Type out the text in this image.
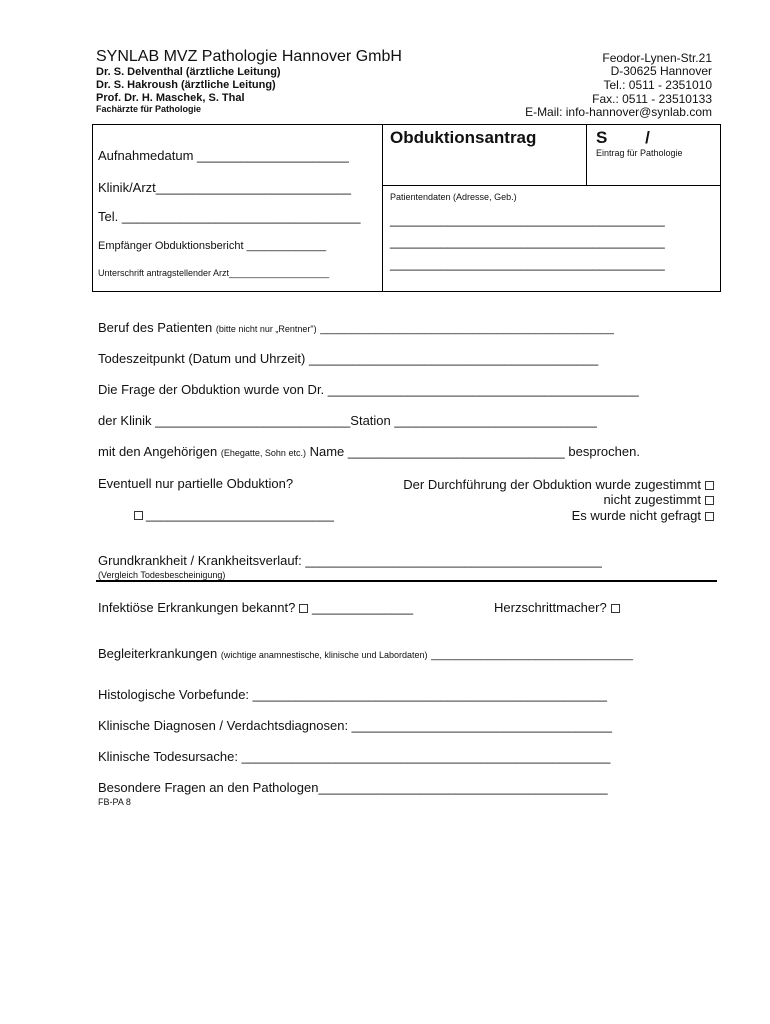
SYNLAB MVZ Pathologie Hannover GmbH
Dr. S. Delventhal (ärztliche Leitung)
Dr. S. Hakroush (ärztliche Leitung)
Prof. Dr. H. Maschek, S. Thal
Fachärzte für Pathologie
Feodor-Lynen-Str.21
D-30625 Hannover
Tel.: 0511 - 2351010
Fax.: 0511 - 23510133
E-Mail: info-hannover@synlab.com
Obduktionsantrag	S        /
Eintrag für Pathologie
Aufnahmedatum _____________________
Klinik/Arzt___________________________
Tel. _________________________________
Empfänger Obduktionsbericht _____________
Unterschrift antragstellender Arzt____________________
Patientendaten (Adresse, Geb.)
______________________________________
______________________________________
______________________________________
Beruf des Patienten (bitte nicht nur „Rentner") ________________________________________________
Todeszeitpunkt (Datum und Uhrzeit) ________________________________________
Die Frage der Obduktion wurde von Dr. ___________________________________________
der Klinik ___________________________Station ____________________________
mit den Angehörigen (Ehegatte, Sohn etc.) Name ______________________________ besprochen.
Eventuell nur partielle Obduktion?
__________________________
Der Durchführung der Obduktion wurde zugestimmt
nicht zugestimmt
Es wurde nicht gefragt
Grundkrankheit / Krankheitsverlauf: _________________________________________
(Vergleich Todesbescheinigung)
Infektiöse Erkrankungen bekannt? ______________	Herzschrittmacher?
Begleiterkrankungen (wichtige anamnestische, klinische und Labordaten) _________________________________
Histologische Vorbefunde: _________________________________________________
Klinische Diagnosen / Verdachtsdiagnosen: ____________________________________
Klinische Todesursache: ___________________________________________________
Besondere Fragen an den Pathologen________________________________________
FB-PA 8
